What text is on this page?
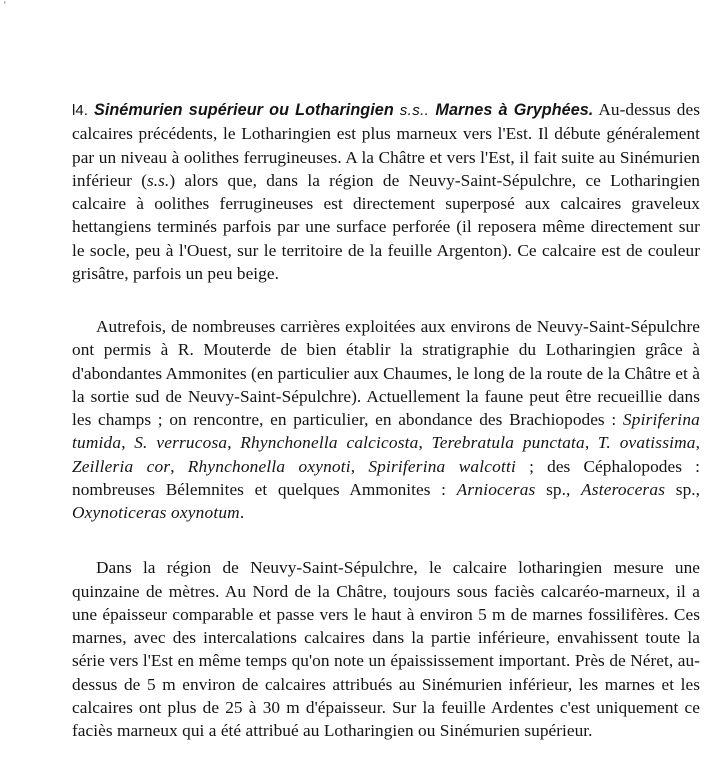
'

l4. Sinémurien supérieur ou Lotharingien s.s.. Marnes à Gryphées. Au-dessus des calcaires précédents, le Lotharingien est plus marneux vers l'Est. Il débute généralement par un niveau à oolithes ferrugineuses. A la Châtre et vers l'Est, il fait suite au Sinémurien inférieur (s.s.) alors que, dans la région de Neuvy-Saint-Sépulchre, ce Lotharingien calcaire à oolithes ferrugineuses est directement superposé aux calcaires graveleux hettangiens terminés parfois par une surface perforée (il reposera même directement sur le socle, peu à l'Ouest, sur le territoire de la feuille Argenton). Ce calcaire est de couleur grisâtre, parfois un peu beige.

Autrefois, de nombreuses carrières exploitées aux environs de Neuvy-Saint-Sépulchre ont permis à R. Mouterde de bien établir la stratigraphie du Lotharingien grâce à d'abondantes Ammonites (en particulier aux Chaumes, le long de la route de la Châtre et à la sortie sud de Neuvy-Saint-Sépulchre). Actuellement la faune peut être recueillie dans les champs ; on rencontre, en particulier, en abondance des Brachiopodes : Spiriferina tumida, S. verrucosa, Rhynchonella calcicosta, Terebratula punctata, T. ovatissima, Zeilleria cor, Rhynchonella oxynoti, Spiriferina walcotti ; des Céphalopodes : nombreuses Bélemnites et quelques Ammonites : Arnioceras sp., Asteroceras sp., Oxynoticeras oxynotum.

Dans la région de Neuvy-Saint-Sépulchre, le calcaire lotharingien mesure une quinzaine de mètres. Au Nord de la Châtre, toujours sous faciès calcaréo-marneux, il a une épaisseur comparable et passe vers le haut à environ 5 m de marnes fossilifères. Ces marnes, avec des intercalations calcaires dans la partie inférieure, envahissent toute la série vers l'Est en même temps qu'on note un épaississement important. Près de Néret, au-dessus de 5 m environ de calcaires attribués au Sinémurien inférieur, les marnes et les calcaires ont plus de 25 à 30 m d'épaisseur. Sur la feuille Ardentes c'est uniquement ce faciès marneux qui a été attribué au Lotharingien ou Sinémurien supérieur.
